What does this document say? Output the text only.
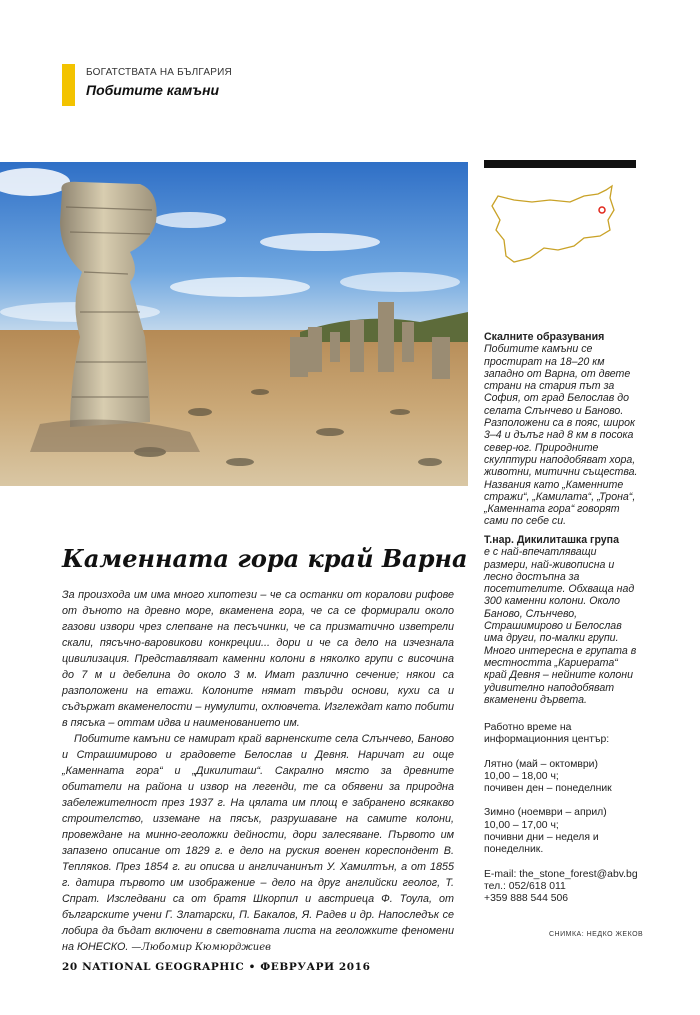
БОГАТСТВАТА НА БЪЛГАРИЯ
Побитите камъни
Скалните образувания

Побитите камъни се простират на 18–20 км западно от Варна, от двете страни на стария път за София, от град Белослав до селата Слънчево и Баново. Разположени са в пояс, широк 3–4 и дълъг над 8 км в посока север-юг. Природните скулптури наподобяват хора, животни, митични същества. Названия като „Каменните стражи“, „Камилата“, „Трона“, „Каменната гора“ говорят сами по себе си.

Т.нар. Дикилиташка група

е с най-впечатляващи размери, най-живописна и лесно достъпна за посетителите. Обхваща над 300 каменни колони. Около Баново, Слънчево, Страшимирово и Белослав има други, по-малки групи. Много интересна е групата в местността „Кариерата“ край Девня – нейните колони удивително наподобяват вкаменени дървета.

Работно време на
информационния център:
Лятно (май – октомври)
10,00 – 18,00 ч;
почивен ден – понеделник
Зимно (ноември – април)
10,00 – 17,00 ч;
почивни дни – неделя и
понеделник.
E-mail: the_stone_forest@abv.bg
тел.: 052/618 011
+359 888 544 506
Каменната гора край Варна

За произхода им има много хипотези – че са останки от коралови рифове от дъното на древно море, вкаменена гора, че са се формирали около газови извори чрез слепване на песъчинки, че са призматично изветрели скали, пясъчно-варовикови конкреции... дори и че са дело на изчезнала цивилизация. Представляват каменни колони в няколко групи с височина до 7 м и дебелина до около 3 м. Имат различно сечение; някои са разположени на етажи. Колоните нямат твърди основи, кухи са и съдържат вкаменелости – нумулити, охлювчета. Изглеждат като побити в пясъка – оттам идва и наименованието им.

Побитите камъни се намират край варненските села Слънчево, Баново и Страшимирово и градовете Белослав и Девня. Наричат ги още „Каменната гора“ и „Дикилиташ“. Сакрално място за древните обитатели на района и извор на легенди, те са обявени за природна забележителност през 1937 г. На цялата им площ е забранено всякакво строителство, изземане на пясък, разрушаване на самите колони, провеждане на минно-геоложки дейности, дори залесяване. Първото им запазено описание от 1829 г. е дело на руския военен кореспондент В. Тепляков. През 1854 г. ги описва и англичанинът У. Хамилтън, а от 1855 г. датира първото им изображение – дело на друг английски геолог, Т. Спрат. Изследвани са от братя Шкорпил и австриеца Ф. Тоула, от българските учени Г. Златарски, П. Бакалов, Я. Радев и др. Напоследък се лобира да бъдат включени в световната листа на геоложките феномени на ЮНЕСКО. —Любомир Кюмюрджиев

СНИМКА: НЕДКО ЖЕКОВ
20 NATIONAL GEOGRAPHIC • ФЕВРУАРИ 2016
